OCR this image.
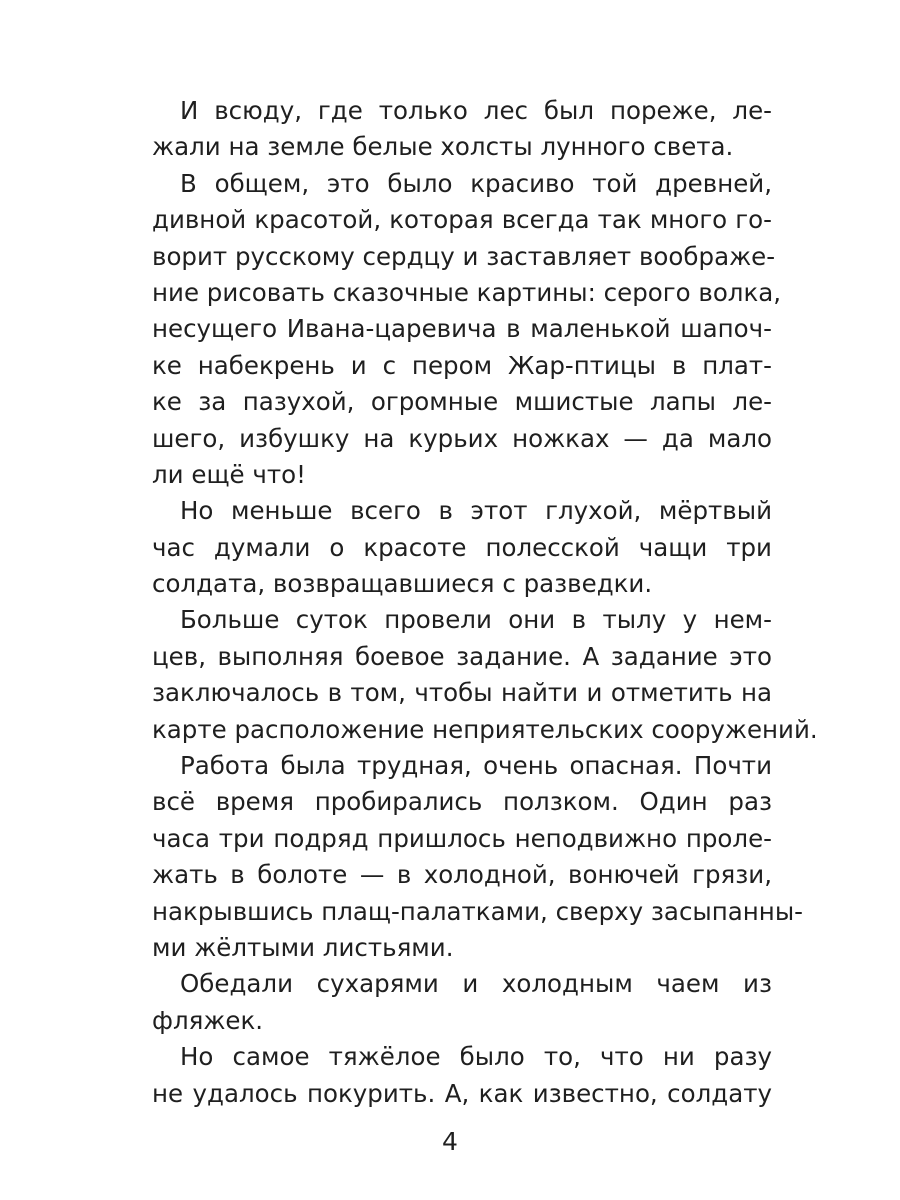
И всюду, где только лес был пореже, ле-
жали на земле белые холсты лунного света.
В общем, это было красиво той древней,
дивной красотой, которая всегда так много го-
ворит русскому сердцу и заставляет воображе-
ние рисовать сказочные картины: серого волка,
несущего Ивана-царевича в маленькой шапоч-
ке набекрень и с пером Жар-птицы в плат-
ке за пазухой, огромные мшистые лапы ле-
шего, избушку на курьих ножках — да мало
ли ещё что!
Но меньше всего в этот глухой, мёртвый
час думали о красоте полесской чащи три
солдата, возвращавшиеся с разведки.
Больше суток провели они в тылу у нем-
цев, выполняя боевое задание. А задание это
заключалось в том, чтобы найти и отметить на
карте расположение неприятельских сооружений.
Работа была трудная, очень опасная. Почти
всё время пробирались ползком. Один раз
часа три подряд пришлось неподвижно проле-
жать в болоте — в холодной, вонючей грязи,
накрывшись плащ-палатками, сверху засыпанны-
ми жёлтыми листьями.
Обедали сухарями и холодным чаем из
фляжек.
Но самое тяжёлое было то, что ни разу
не удалось покурить. А, как известно, солдату
4
